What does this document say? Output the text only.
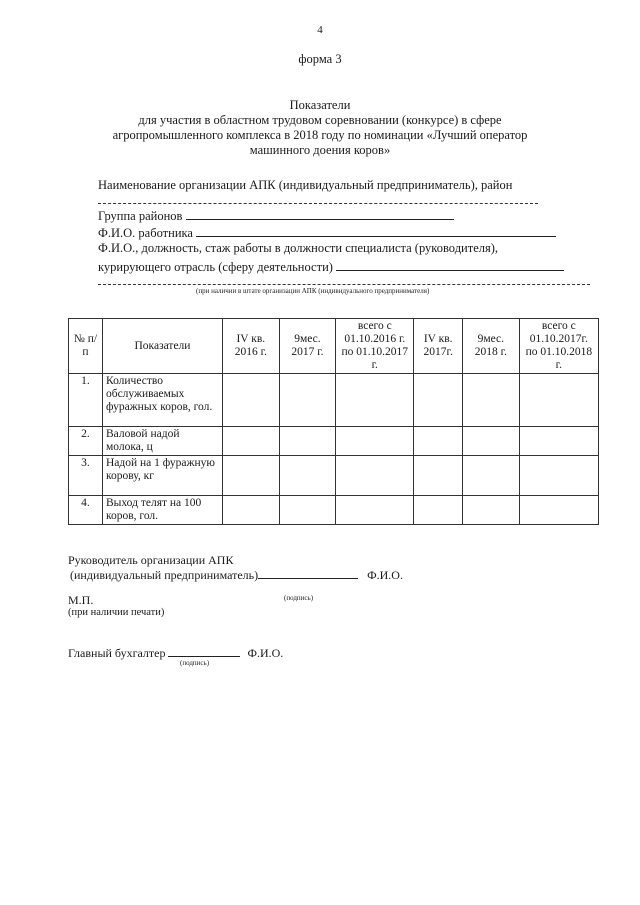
4
форма 3
Показатели
для участия в областном трудовом соревновании (конкурсе) в сфере
агропромышленного комплекса в 2018 году по номинации «Лучший оператор
машинного доения коров»
Наименование организации АПК (индивидуальный предприниматель), район
Группа районов
Ф.И.О. работника
Ф.И.О., должность, стаж работы в должности специалиста (руководителя),
курирующего отрасль (сферу деятельности)
(при наличии в штате организации АПК (индивидуального предпринимателя)
№ п/п	Показатели	IV кв. 2016 г.	9мес. 2017 г.	всего с 01.10.2016 г. по 01.10.2017 г.	IV кв. 2017г.	9мес. 2018 г.	всего с 01.10.2017г. по 01.10.2018 г.
1.	Количество обслуживаемых фуражных коров, гол.						
2.	Валовой надой молока, ц						
3.	Надой на 1 фуражную корову, кг						
4.	Выход телят на 100 коров, гол.						
Руководитель организации АПК
(индивидуальный предприниматель)	Ф.И.О.
(подпись)
М.П.
(при наличии печати)
Главный бухгалтер	Ф.И.О.
(подпись)
